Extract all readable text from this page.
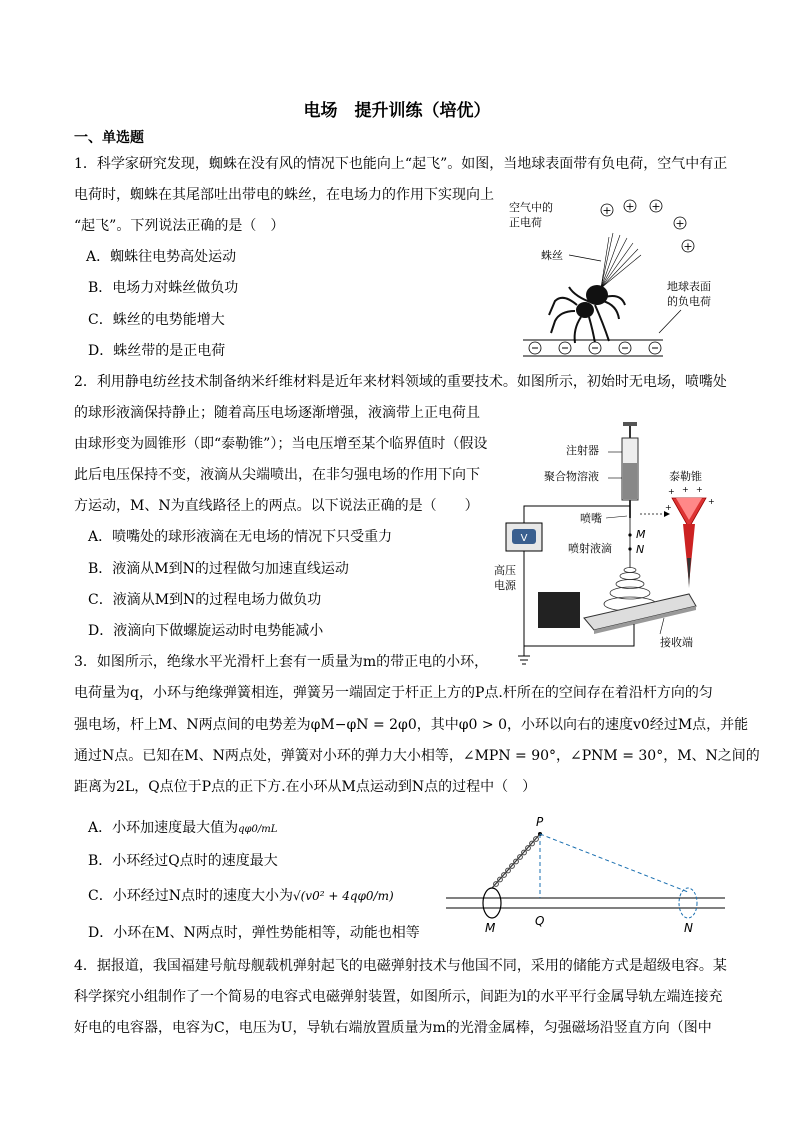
电场　提升训练（培优）
一、单选题
1．科学家研究发现，蜘蛛在没有风的情况下也能向上“起飞”。如图，当地球表面带有负电荷，空气中有正
电荷时，蜘蛛在其尾部吐出带电的蛛丝，在电场力的作用下实现向上
“起飞”。下列说法正确的是（　）
A．蜘蛛往电势高处运动
B．电场力对蛛丝做负功
C．蛛丝的电势能增大
D．蛛丝带的是正电荷
空气中的
正电荷
+ + +
+
+
蛛丝
地球表面
的负电荷
2．利用静电纺丝技术制备纳米纤维材料是近年来材料领域的重要技术。如图所示，初始时无电场，喷嘴处
的球形液滴保持静止；随着高压电场逐渐增强，液滴带上正电荷且
由球形变为圆锥形（即“泰勒锥”）；当电压增至某个临界值时（假设
此后电压保持不变，液滴从尖端喷出，在非匀强电场的作用下向下
方运动，M、N为直线路径上的两点。以下说法正确的是（　　）
A．喷嘴处的球形液滴在无电场的情况下只受重力
B．液滴从M到N的过程做匀加速直线运动
C．液滴从M到N的过程电场力做负功
D．液滴向下做螺旋运动时电势能减小
注射器
聚合物溶液
喷嘴
M
N
喷射液滴
接收端
V
高压
电源
泰勒锥
+ + +
+
+
3．如图所示，绝缘水平光滑杆上套有一质量为m的带正电的小环，
电荷量为q，小环与绝缘弹簧相连，弹簧另一端固定于杆正上方的P点.杆所在的空间存在着沿杆方向的匀
强电场，杆上M、N两点间的电势差为φM−φN = 2φ0，其中φ0 > 0，小环以向右的速度v0经过M点，并能
通过N点。已知在M、N两点处，弹簧对小环的弹力大小相等，∠MPN = 90°，∠PNM = 30°，M、N之间的
距离为2L，Q点位于P点的正下方.在小环从M点运动到N点的过程中（　）
A．小环加速度最大值为qφ0/mL
B．小环经过Q点时的速度最大
C．小环经过N点时的速度大小为√(v0² + 4qφ0/m)
D．小环在M、N两点时，弹性势能相等，动能也相等
P
M	Q	N
4．据报道，我国福建号航母舰载机弹射起飞的电磁弹射技术与他国不同，采用的储能方式是超级电容。某
科学探究小组制作了一个简易的电容式电磁弹射装置，如图所示，间距为l的水平平行金属导轨左端连接充
好电的电容器，电容为C，电压为U，导轨右端放置质量为m的光滑金属棒，匀强磁场沿竖直方向（图中
